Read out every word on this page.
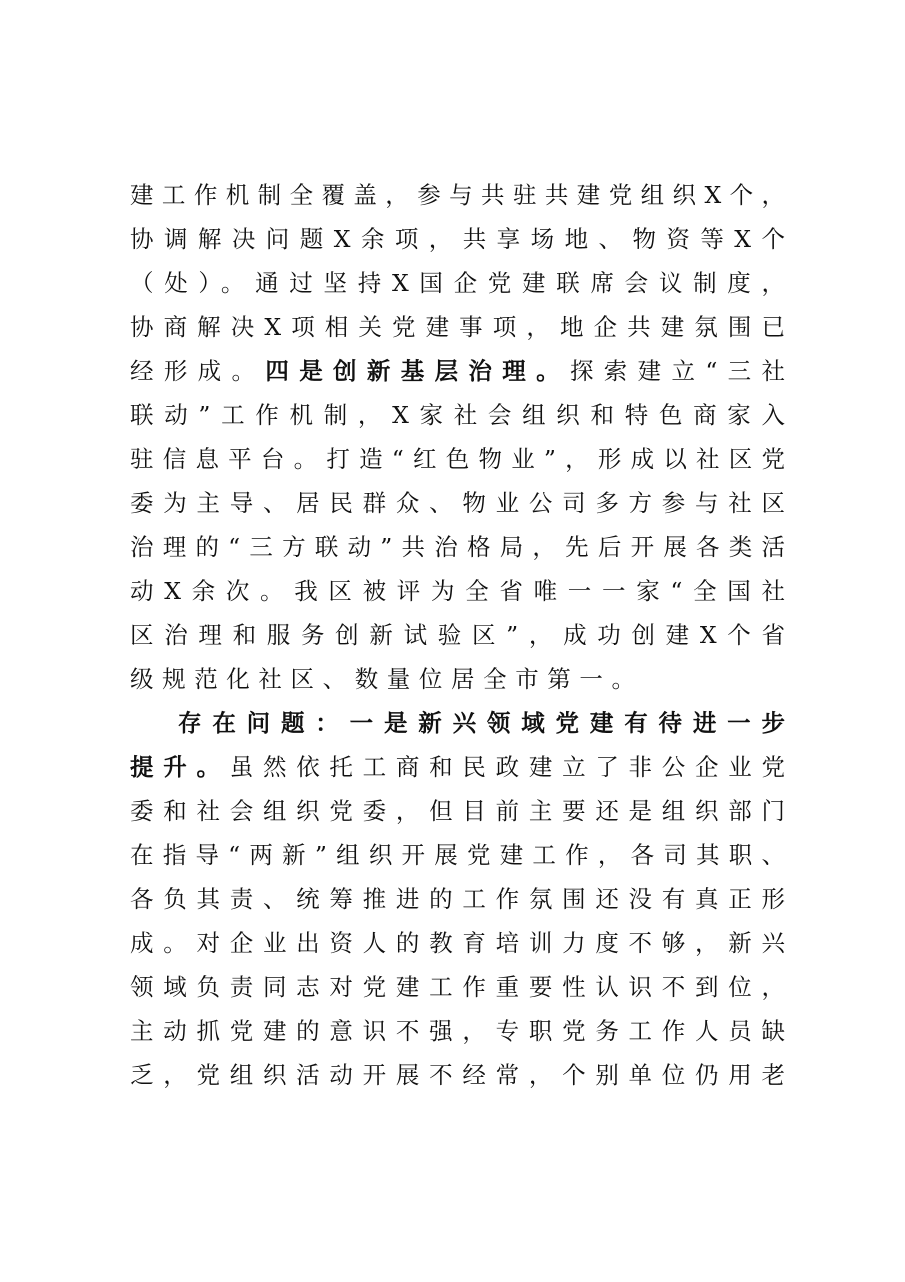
建工作机制全覆盖，参与共驻共建党组织X个，
协调解决问题X余项，共享场地、物资等X个
（处）。通过坚持X国企党建联席会议制度，
协商解决X项相关党建事项，地企共建氛围已
经形成。四是创新基层治理。探索建立“三社
联动”工作机制，X家社会组织和特色商家入
驻信息平台。打造“红色物业”，形成以社区党
委为主导、居民群众、物业公司多方参与社区
治理的“三方联动”共治格局，先后开展各类活
动X余次。我区被评为全省唯一一家“全国社
区治理和服务创新试验区”，成功创建X个省
级规范化社区、数量位居全市第一。
存在问题：一是新兴领域党建有待进一步
提升。虽然依托工商和民政建立了非公企业党
委和社会组织党委，但目前主要还是组织部门
在指导“两新”组织开展党建工作，各司其职、
各负其责、统筹推进的工作氛围还没有真正形
成。对企业出资人的教育培训力度不够，新兴
领域负责同志对党建工作重要性认识不到位，
主动抓党建的意识不强，专职党务工作人员缺
乏，党组织活动开展不经常，个别单位仍用老
